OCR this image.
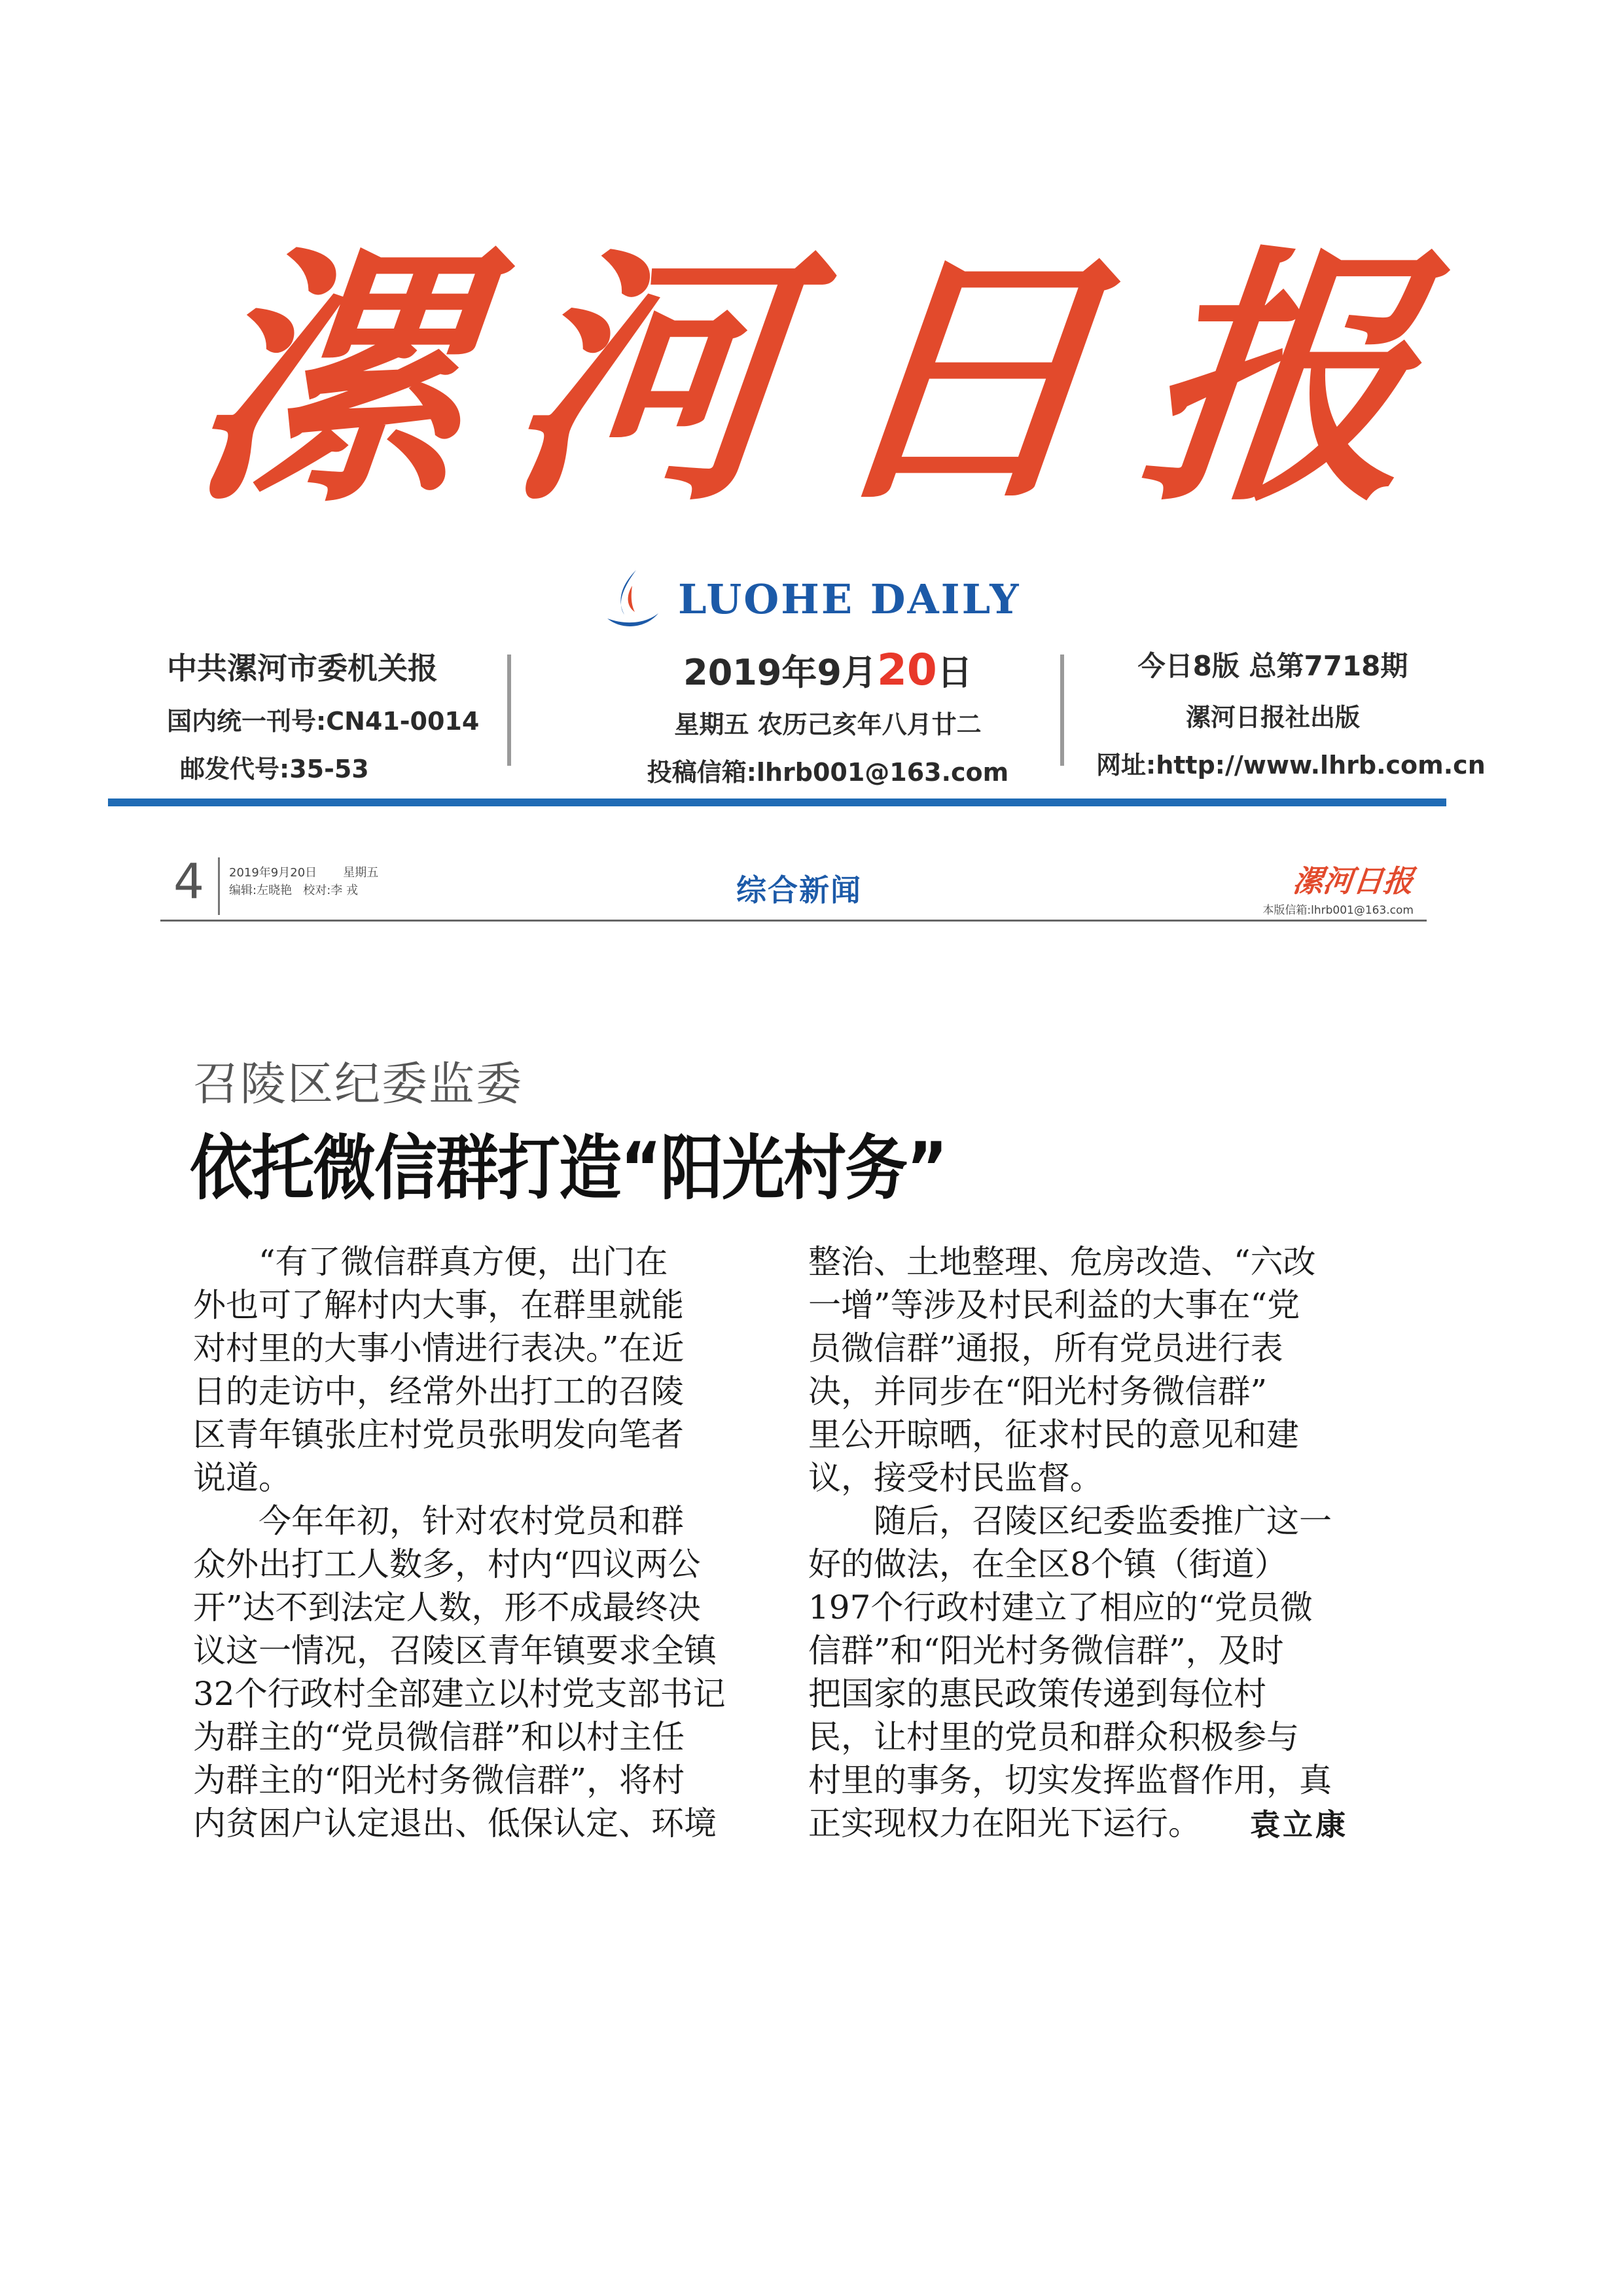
漯 河 日 报
LUOHE DAILY
中共漯河市委机关报
国内统一刊号:CN41-0014
邮发代号:35-53
2019年9月20日
星期五 农历己亥年八月廿二
投稿信箱:lhrb001@163.com
今日8版 总第7718期
漯河日报社出版
网址:http://www.lhrb.com.cn
4 2019年9月20日       星期五
编辑:左晓艳   校对:李 戎	综合新闻	漯河日报
本版信箱:lhrb001@163.com
召陵区纪委监委
依托微信群打造“阳光村务”
　　“有了微信群真方便，出门在
外也可了解村内大事，在群里就能
对村里的大事小情进行表决。”在近
日的走访中，经常外出打工的召陵
区青年镇张庄村党员张明发向笔者
说道。
　　今年年初，针对农村党员和群
众外出打工人数多，村内“四议两公
开”达不到法定人数，形不成最终决
议这一情况，召陵区青年镇要求全镇
32个行政村全部建立以村党支部书记
为群主的“党员微信群”和以村主任
为群主的“阳光村务微信群”，将村
内贫困户认定退出、低保认定、环境
整治、土地整理、危房改造、“六改
一增”等涉及村民利益的大事在“党
员微信群”通报，所有党员进行表
决，并同步在“阳光村务微信群”
里公开晾晒，征求村民的意见和建
议，接受村民监督。
　　随后，召陵区纪委监委推广这一
好的做法，在全区8个镇（街道）
197个行政村建立了相应的“党员微
信群”和“阳光村务微信群”，及时
把国家的惠民政策传递到每位村
民，让村里的党员和群众积极参与
村里的事务，切实发挥监督作用，真
正实现权力在阳光下运行。	袁立康
